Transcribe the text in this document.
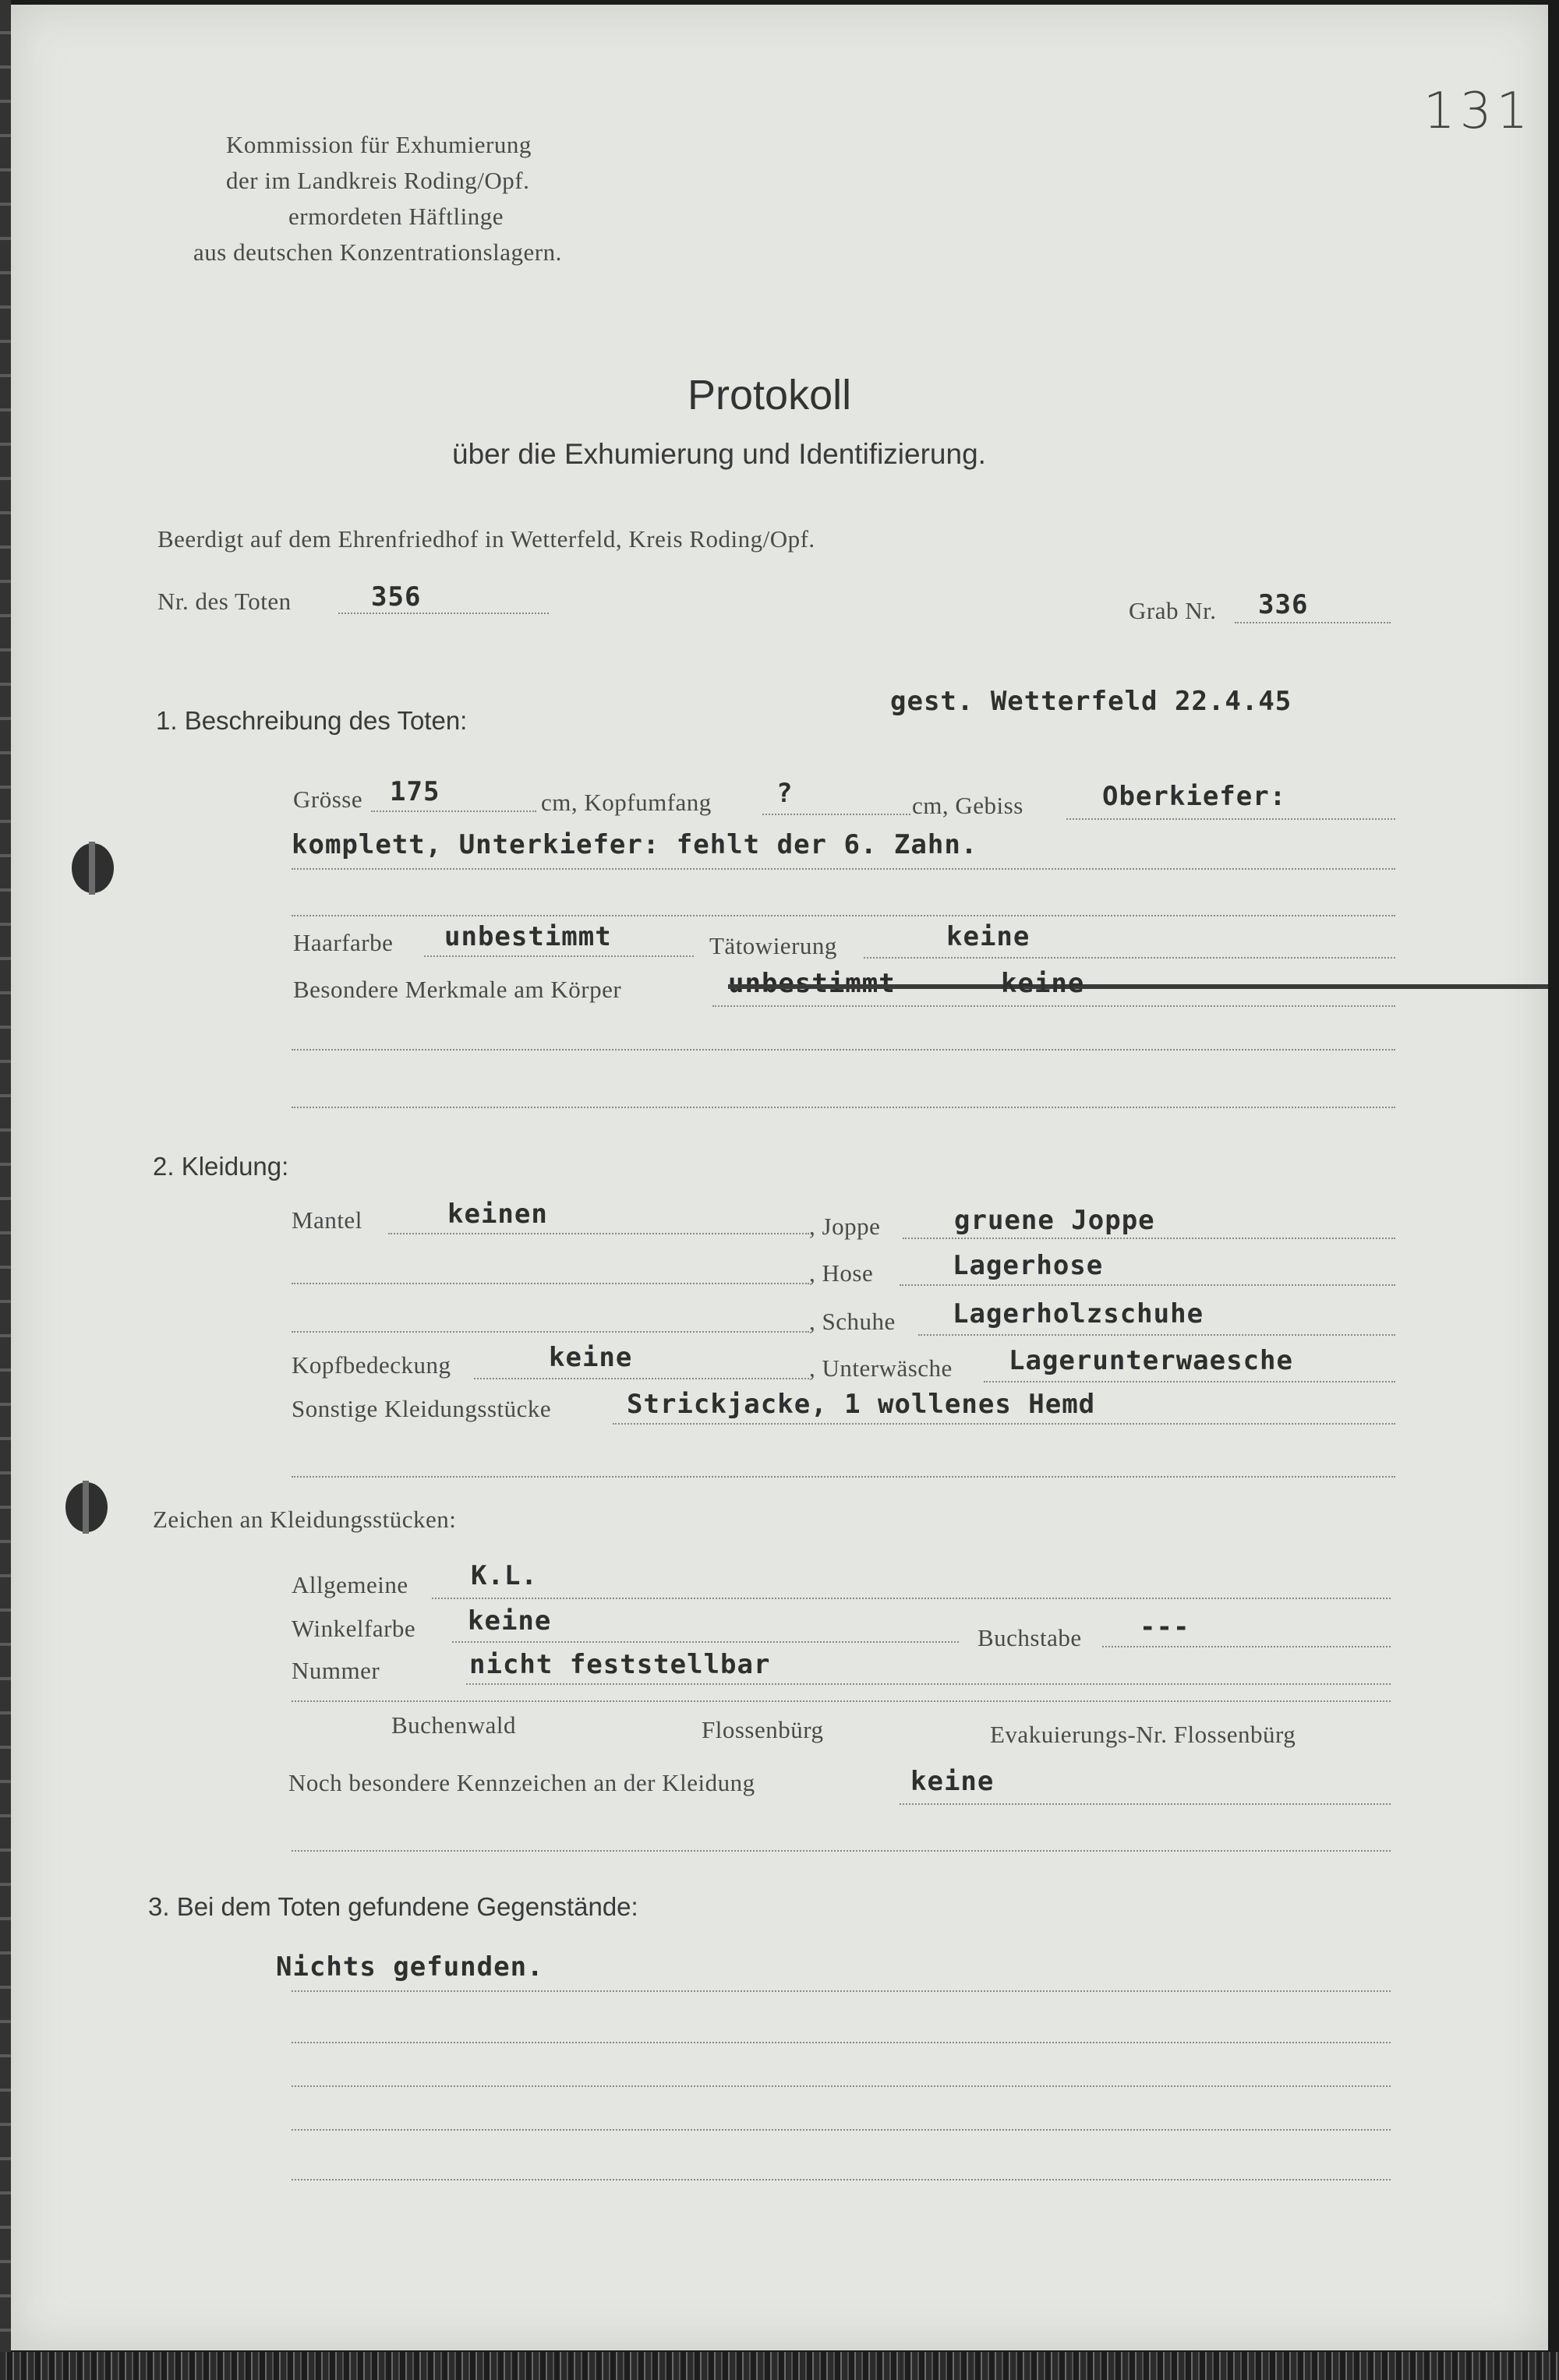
Kommission für Exhumierung
der im Landkreis Roding/Opf.
ermordeten Häftlinge
aus deutschen Konzentrationslagern.
131
Protokoll
über die Exhumierung und Identifizierung.
Beerdigt auf dem Ehrenfriedhof in Wetterfeld, Kreis Roding/Opf.
Nr. des Toten	356	Grab Nr. 336
1. Beschreibung des Toten:
gest. Wetterfeld 22.4.45
Grösse 175	cm, Kopfumfang ?	cm, Gebiss	Oberkiefer:
komplett, Unterkiefer: fehlt der 6. Zahn.
Haarfarbe unbestimmt	Tätowierung	keine
Besondere Merkmale am Körper	unbestimmt	keine
2. Kleidung:
Mantel	keinen	, Joppe	gruene Joppe
, Hose	Lagerhose
, Schuhe Lagerholzschuhe
Kopfbedeckung	keine	, Unterwäsche Lagerunterwaesche
Sonstige Kleidungsstücke	Strickjacke, 1 wollenes Hemd
Zeichen an Kleidungsstücken:
Allgemeine K.L.
Winkelfarbe keine
Buchstabe ---
Nummer	nicht feststellbar
Buchenwald	Flossenbürg	Evakuierungs-Nr. Flossenbürg
Noch besondere Kennzeichen an der Kleidung	keine
3. Bei dem Toten gefundene Gegenstände:
Nichts gefunden.
